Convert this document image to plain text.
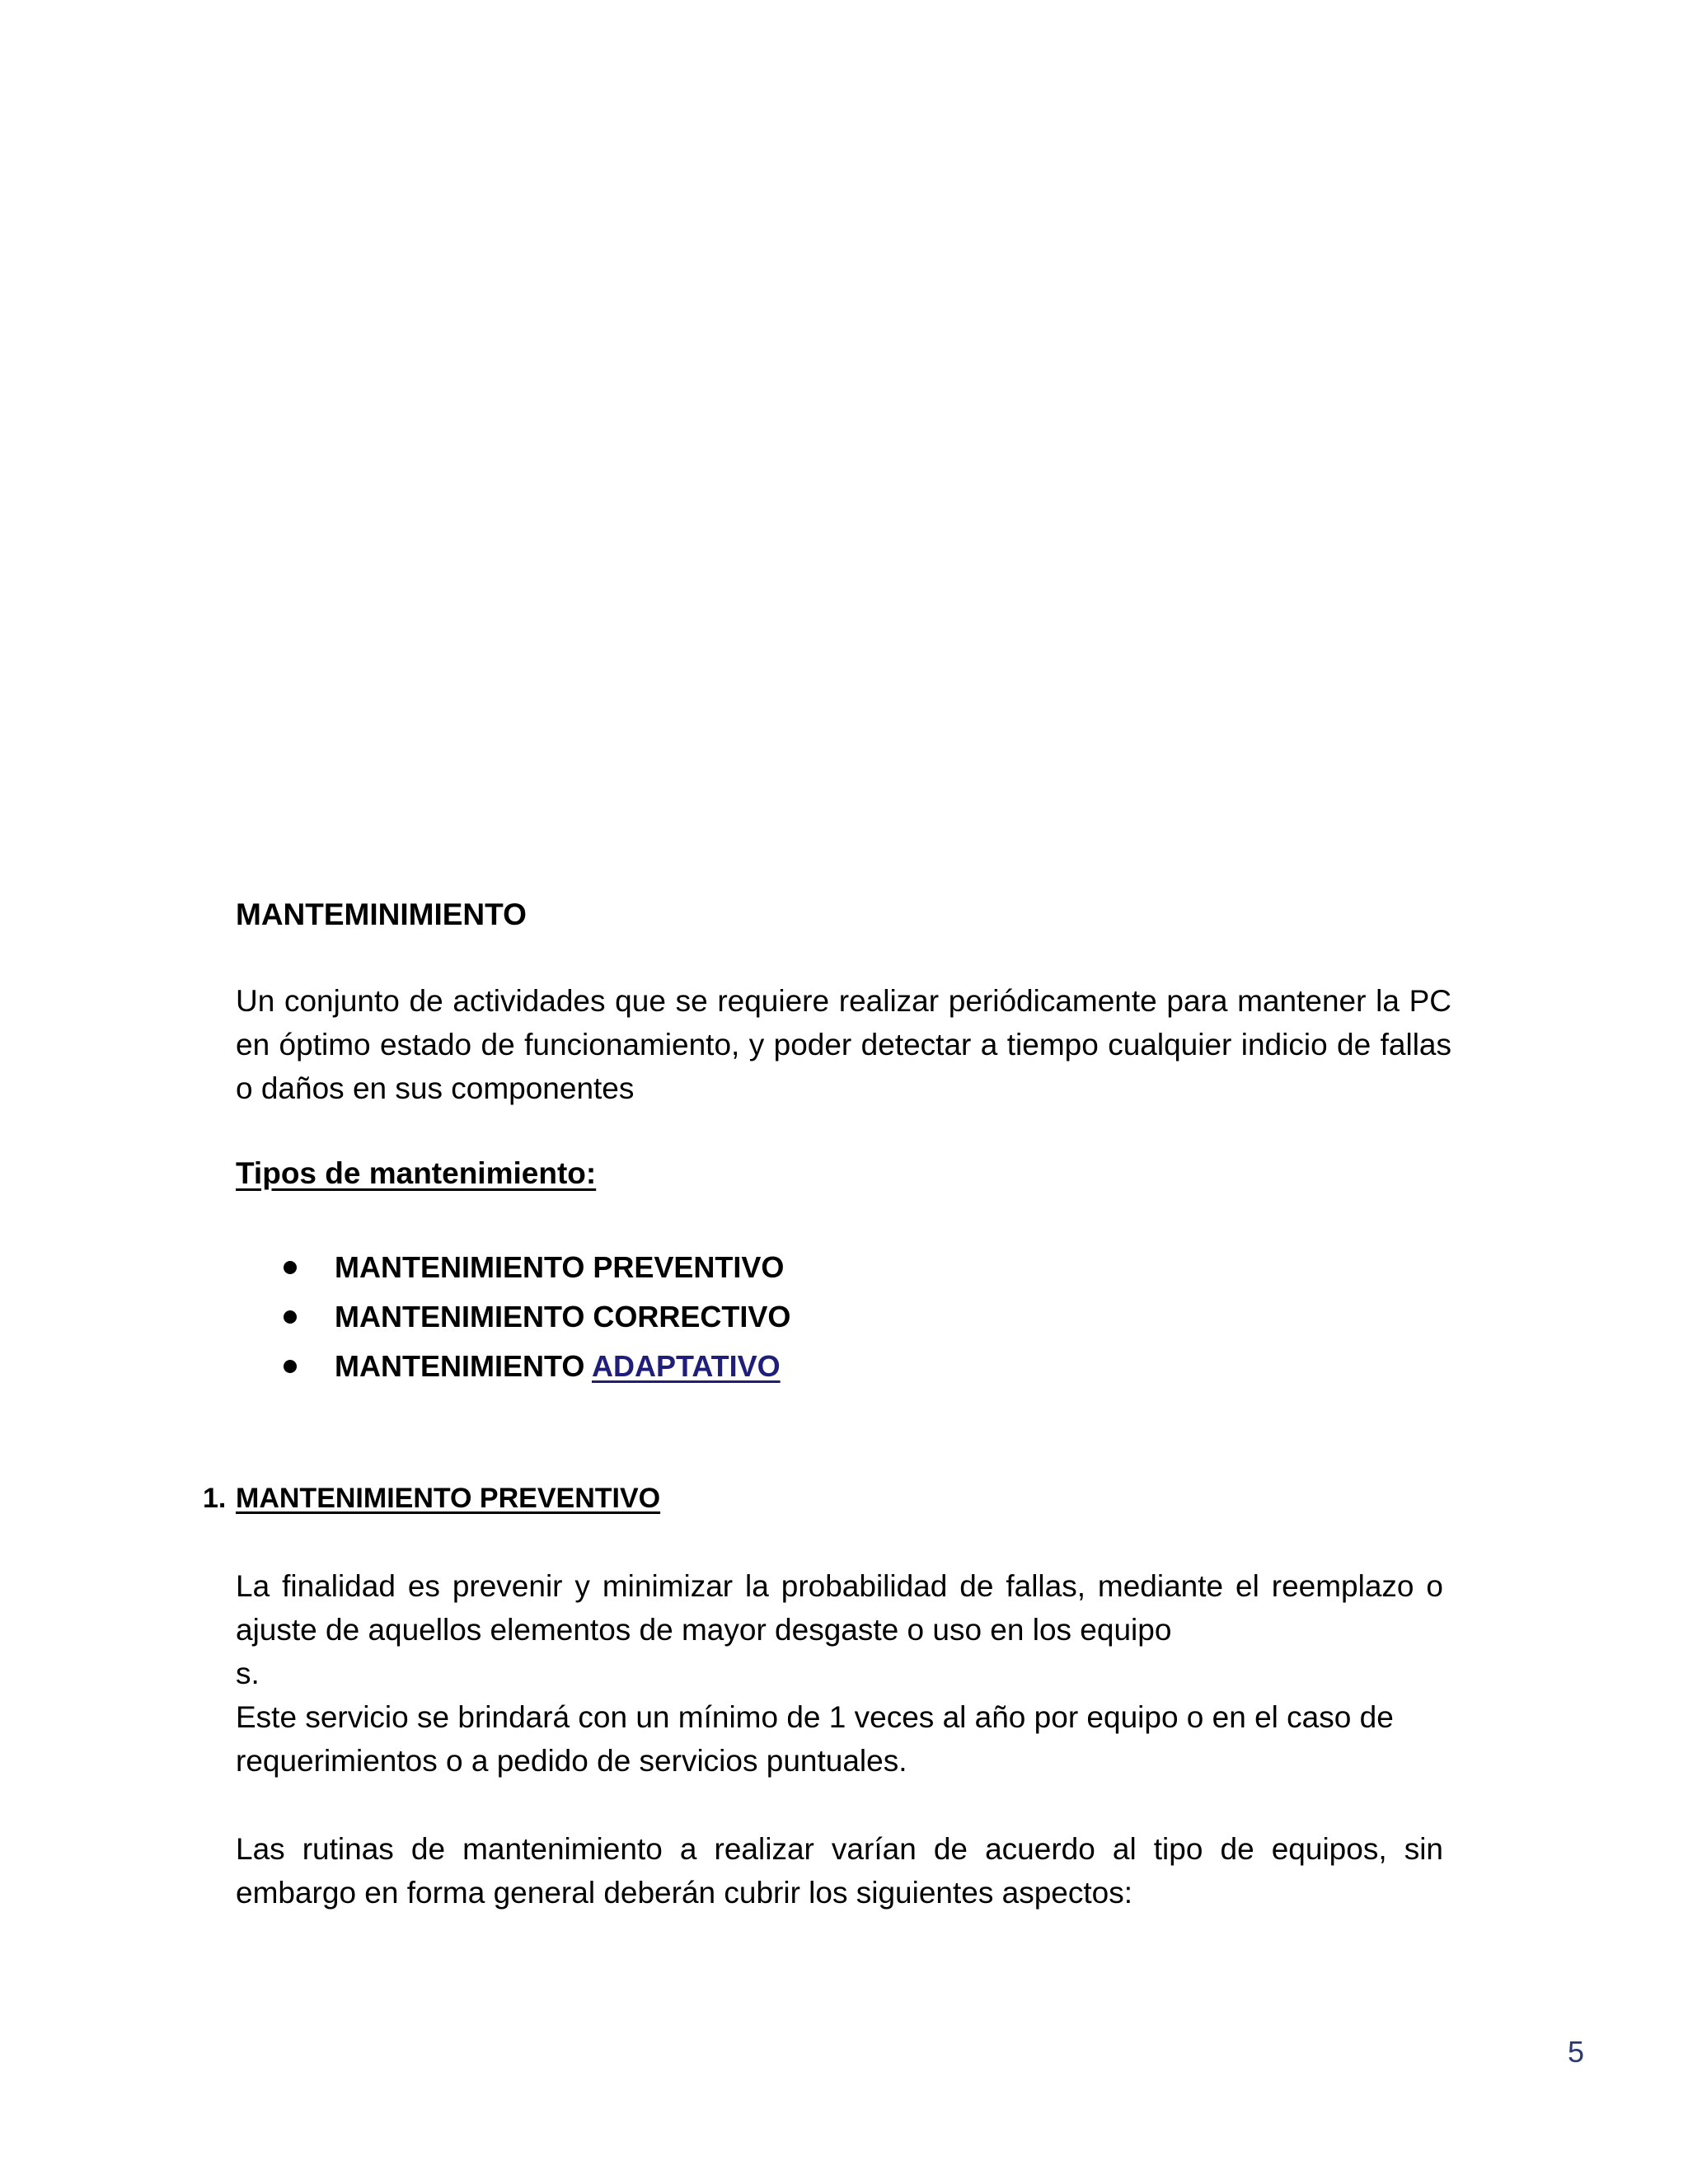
MANTEMINIMIENTO
Un conjunto de actividades que se requiere realizar periódicamente para mantener la PC en óptimo estado de funcionamiento, y poder detectar a tiempo cualquier indicio de fallas o daños en sus componentes
Tipos de mantenimiento:
MANTENIMIENTO PREVENTIVO
MANTENIMIENTO CORRECTIVO
MANTENIMIENTO ADAPTATIVO
1. MANTENIMIENTO PREVENTIVO
La finalidad es prevenir y minimizar la probabilidad de fallas, mediante el reemplazo o ajuste de aquellos elementos de mayor desgaste o uso en los equipo
s.
Este servicio se brindará con un mínimo de 1 veces al año por equipo o en el caso de requerimientos o a pedido de servicios puntuales.
Las rutinas de mantenimiento a realizar varían de acuerdo al tipo de equipos, sin embargo en forma general deberán cubrir los siguientes aspectos:
5
